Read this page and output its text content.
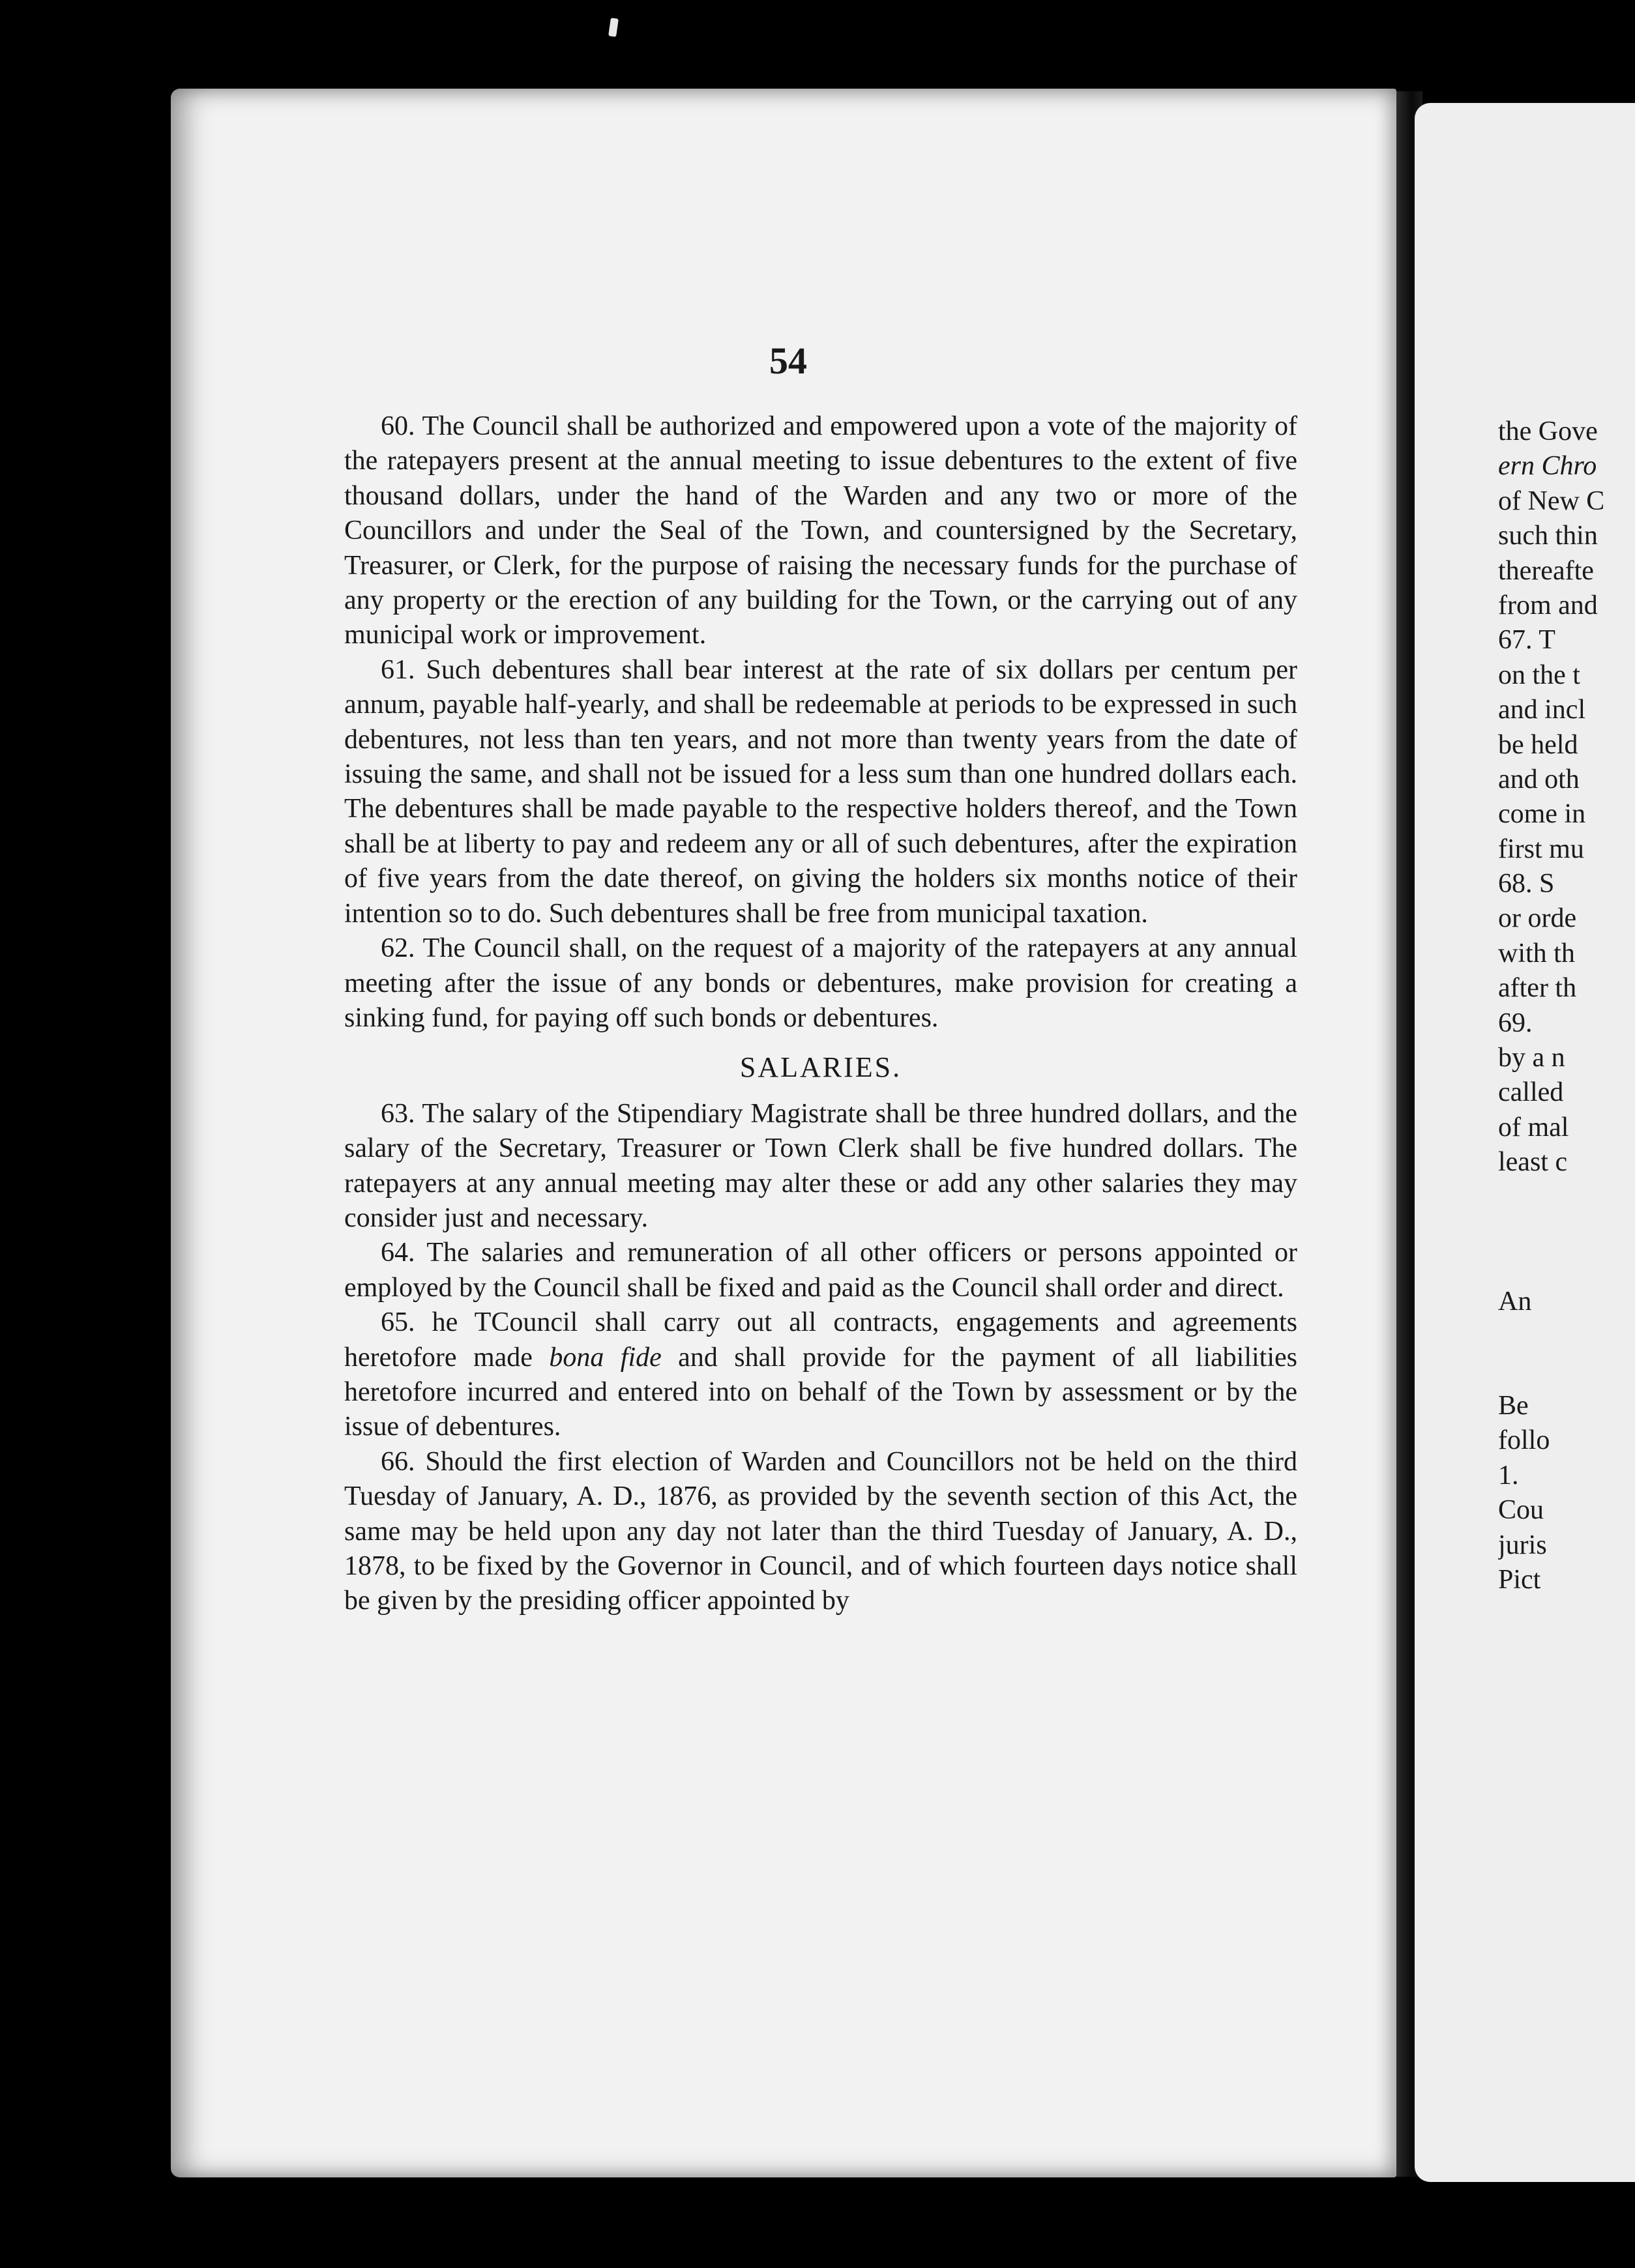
54

60. The Council shall be authorized and empowered upon a vote of the majority of the ratepayers present at the annual meeting to issue debentures to the extent of five thousand dollars, under the hand of the Warden and any two or more of the Councillors and under the Seal of the Town, and countersigned by the Secretary, Treasurer, or Clerk, for the purpose of raising the necessary funds for the purchase of any property or the erection of any building for the Town, or the carrying out of any municipal work or improvement.

61. Such debentures shall bear interest at the rate of six dollars per centum per annum, payable half-yearly, and shall be redeemable at periods to be expressed in such debentures, not less than ten years, and not more than twenty years from the date of issuing the same, and shall not be issued for a less sum than one hundred dollars each. The debentures shall be made payable to the respective holders thereof, and the Town shall be at liberty to pay and redeem any or all of such debentures, after the expiration of five years from the date thereof, on giving the holders six months notice of their intention so to do. Such debentures shall be free from municipal taxation.

62. The Council shall, on the request of a majority of the ratepayers at any annual meeting after the issue of any bonds or debentures, make provision for creating a sinking fund, for paying off such bonds or debentures.

SALARIES.

63. The salary of the Stipendiary Magistrate shall be three hundred dollars, and the salary of the Secretary, Treasurer or Town Clerk shall be five hundred dollars. The ratepayers at any annual meeting may alter these or add any other salaries they may consider just and necessary.

64. The salaries and remuneration of all other officers or persons appointed or employed by the Council shall be fixed and paid as the Council shall order and direct.

65. he TCouncil shall carry out all contracts, engagements and agreements heretofore made bona fide and shall provide for the payment of all liabilities heretofore incurred and entered into on behalf of the Town by assessment or by the issue of debentures.

66. Should the first election of Warden and Councillors not be held on the third Tuesday of January, A. D., 1876, as provided by the seventh section of this Act, the same may be held upon any day not later than the third Tuesday of January, A. D., 1878, to be fixed by the Governor in Council, and of which fourteen days notice shall be given by the presiding officer appointed by

the Gove
ern Chro
of New C
such thin
thereafte
from and
67. T
on the t
and incl
be held
and oth
come in
first mu
68. S
or orde
with th
after th
69.
by a n
called
of mal
least c
An
Be
follo
1.
Cou
juris
Pict
